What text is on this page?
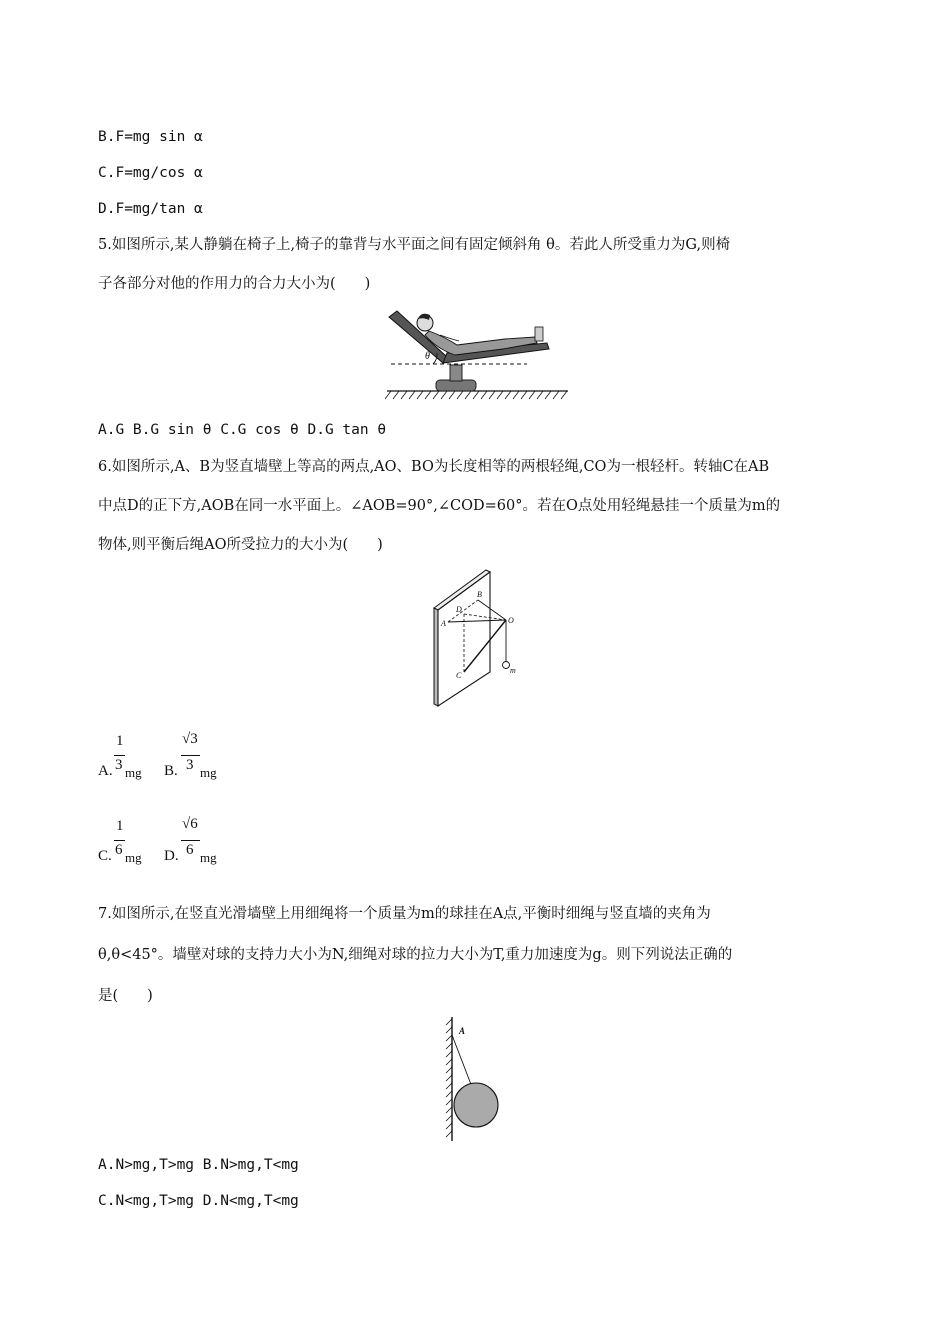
B.F=mg sin α
C.F=mg/cos α
D.F=mg/tan α
5.如图所示,某人静躺在椅子上,椅子的靠背与水平面之间有固定倾斜角 θ。若此人所受重力为G,则椅
子各部分对他的作用力的合力大小为(　　)
θ
A.G B.G sin θ C.G cos θ D.G tan θ
6.如图所示,A、B为竖直墙壁上等高的两点,AO、BO为长度相等的两根轻绳,CO为一根轻杆。转轴C在AB
中点D的正下方,AOB在同一水平面上。∠AOB=90°,∠COD=60°。若在O点处用轻绳悬挂一个质量为m的
物体,则平衡后绳AO所受拉力的大小为(　　)
A
B
D
O
C
m
A.
1
3 mg B.
√3
3 mg
C.
1
6 mg D.
√6
6 mg
7.如图所示,在竖直光滑墙壁上用细绳将一个质量为m的球挂在A点,平衡时细绳与竖直墙的夹角为
θ,θ<45°。墙壁对球的支持力大小为N,细绳对球的拉力大小为T,重力加速度为g。则下列说法正确的
是(　　)
A
A.N>mg,T>mg B.N>mg,T<mg
C.N<mg,T>mg D.N<mg,T<mg
